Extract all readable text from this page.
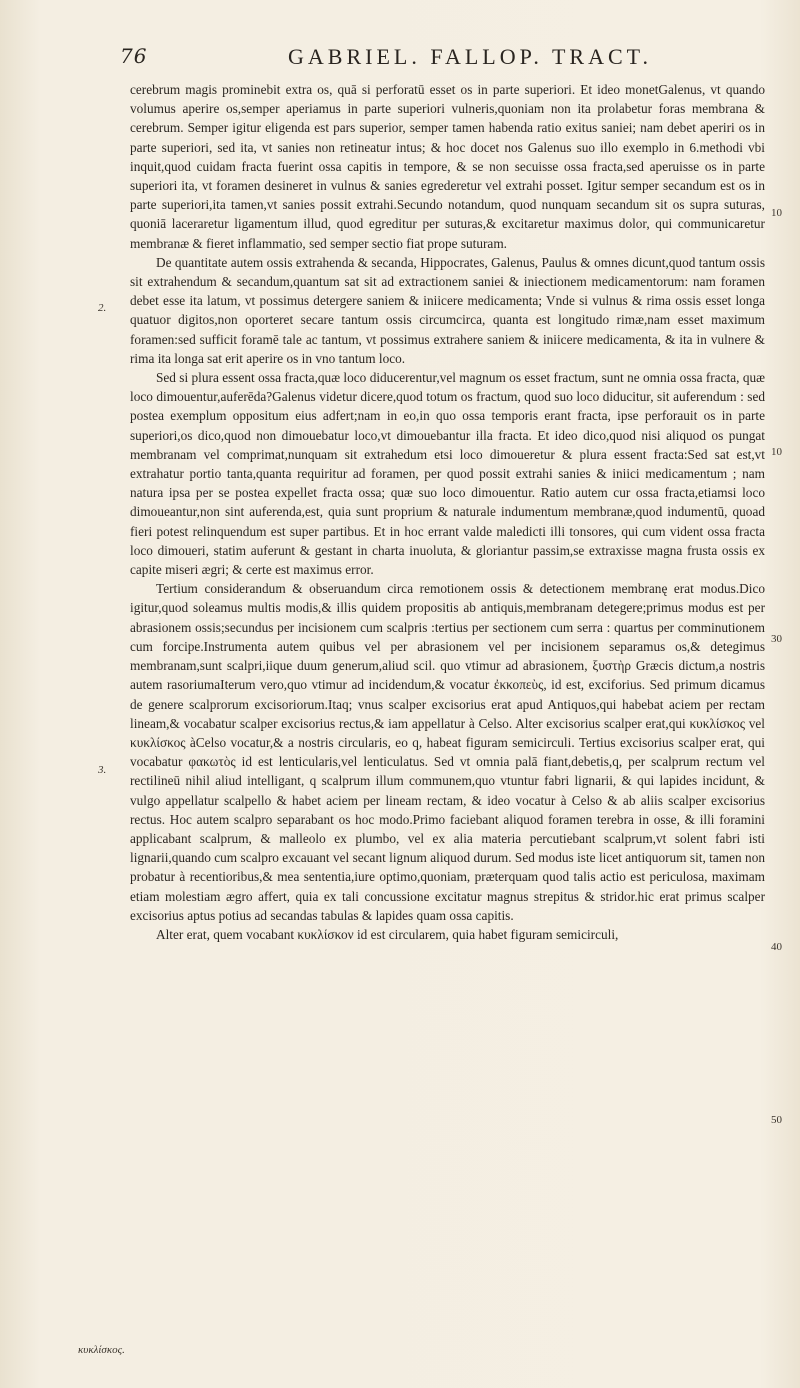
76	GABRIEL. FALLOP. TRACT.
2.
3.
κυκλίσκος.
10
10
30
40
50

cerebrum magis prominebit extra os, quā si perforatū esset os in parte superiori. Et ideo monetGalenus, vt quando volumus aperire os,semper aperiamus in parte superiori vulneris,quoniam non ita prolabetur foras membrana & cerebrum. Semper igitur eligenda est pars superior, semper tamen habenda ratio exitus saniei; nam debet aperiri os in parte superiori, sed ita, vt sanies non retineatur intus; & hoc docet nos Galenus suo illo exemplo in 6.methodi vbi inquit,quod cuidam fracta fuerint ossa capitis in tempore, & se non secuisse ossa fracta,sed aperuisse os in parte superiori ita, vt foramen desineret in vulnus & sanies egrederetur vel extrahi posset. Igitur semper secandum est os in parte superiori,ita tamen,vt sanies possit extrahi.Secundo notandum, quod nunquam secandum sit os supra suturas, quoniā laceraretur ligamentum illud, quod egreditur per suturas,& excitaretur maximus dolor, qui communicaretur membranæ & fieret inflammatio, sed semper sectio fiat prope suturam.

De quantitate autem ossis extrahenda & secanda, Hippocrates, Galenus, Paulus & omnes dicunt,quod tantum ossis sit extrahendum & secandum,quantum sat sit ad extractionem saniei & iniectionem medicamentorum: nam foramen debet esse ita latum, vt possimus detergere saniem & iniicere medicamenta; Vnde si vulnus & rima ossis esset longa quatuor digitos,non oporteret secare tantum ossis circumcirca, quanta est longitudo rimæ,nam esset maximum foramen:sed sufficit foramē tale ac tantum, vt possimus extrahere saniem & iniicere medicamenta, & ita in vulnere & rima ita longa sat erit aperire os in vno tantum loco.

Sed si plura essent ossa fracta,quæ loco diducerentur,vel magnum os esset fractum, sunt ne omnia ossa fracta, quæ loco dimouentur,auferēda?Galenus videtur dicere,quod totum os fractum, quod suo loco diducitur, sit auferendum : sed postea exemplum oppositum eius adfert;nam in eo,in quo ossa temporis erant fracta, ipse perforauit os in parte superiori,os dico,quod non dimouebatur loco,vt dimouebantur illa fracta. Et ideo dico,quod nisi aliquod os pungat membranam vel comprimat,nunquam sit extrahedum etsi loco dimoueretur & plura essent fracta:Sed sat est,vt extrahatur portio tanta,quanta requiritur ad foramen, per quod possit extrahi sanies & iniici medicamentum ; nam natura ipsa per se postea expellet fracta ossa; quæ suo loco dimouentur. Ratio autem cur ossa fracta,etiamsi loco dimoueantur,non sint auferenda,est, quia sunt proprium & naturale indumentum membranæ,quod indumentū, quoad fieri potest relinquendum est super partibus. Et in hoc errant valde maledicti illi tonsores, qui cum vident ossa fracta loco dimoueri, statim auferunt & gestant in charta inuoluta, & gloriantur passim,se extraxisse magna frusta ossis ex capite miseri ægri; & certe est maximus error.

Tertium considerandum & obseruandum circa remotionem ossis & detectionem membranę erat modus.Dico igitur,quod soleamus multis modis,& illis quidem propositis ab antiquis,membranam detegere;primus modus est per abrasionem ossis;secundus per incisionem cum scalpris :tertius per sectionem cum serra : quartus per comminutionem cum forcipe.Instrumenta autem quibus vel per abrasionem vel per incisionem separamus os,& detegimus membranam,sunt scalpri,iique duum generum,aliud scil. quo vtimur ad abrasionem, ξυστὴρ Græcis dictum,a nostris autem rasoriumaIterum vero,quo vtimur ad incidendum,& vocatur ἐκκοπεὺς, id est, exciforius. Sed primum dicamus de genere scalprorum excisoriorum.Itaq; vnus scalper excisorius erat apud Antiquos,qui habebat aciem per rectam lineam,& vocabatur scalper excisorius rectus,& iam appellatur à Celso. Alter excisorius scalper erat,qui κυκλίσκος vel κυκλίσκος àCelso vocatur,& a nostris circularis, eo q, habeat figuram semicirculi. Tertius excisorius scalper erat, qui vocabatur φακωτὸς id est lenticularis,vel lenticulatus. Sed vt omnia palā fiant,debetis,q, per scalprum rectum vel rectilineū nihil aliud intelligant, q scalprum illum communem,quo vtuntur fabri lignarii, & qui lapides incidunt, & vulgo appellatur scalpello & habet aciem per lineam rectam, & ideo vocatur à Celso & ab aliis scalper excisorius rectus. Hoc autem scalpro separabant os hoc modo.Primo faciebant aliquod foramen terebra in osse, & illi foramini applicabant scalprum, & malleolo ex plumbo, vel ex alia materia percutiebant scalprum,vt solent fabri isti lignarii,quando cum scalpro excauant vel secant lignum aliquod durum. Sed modus iste licet antiquorum sit, tamen non probatur à recentioribus,& mea sententia,iure optimo,quoniam, præterquam quod talis actio est periculosa, maximam etiam molestiam ægro affert, quia ex tali concussione excitatur magnus strepitus & stridor.hic erat primus scalper excisorius aptus potius ad secandas tabulas & lapides quam ossa capitis.

Alter erat, quem vocabant κυκλίσκον id est circularem, quia habet figuram semicirculi,
